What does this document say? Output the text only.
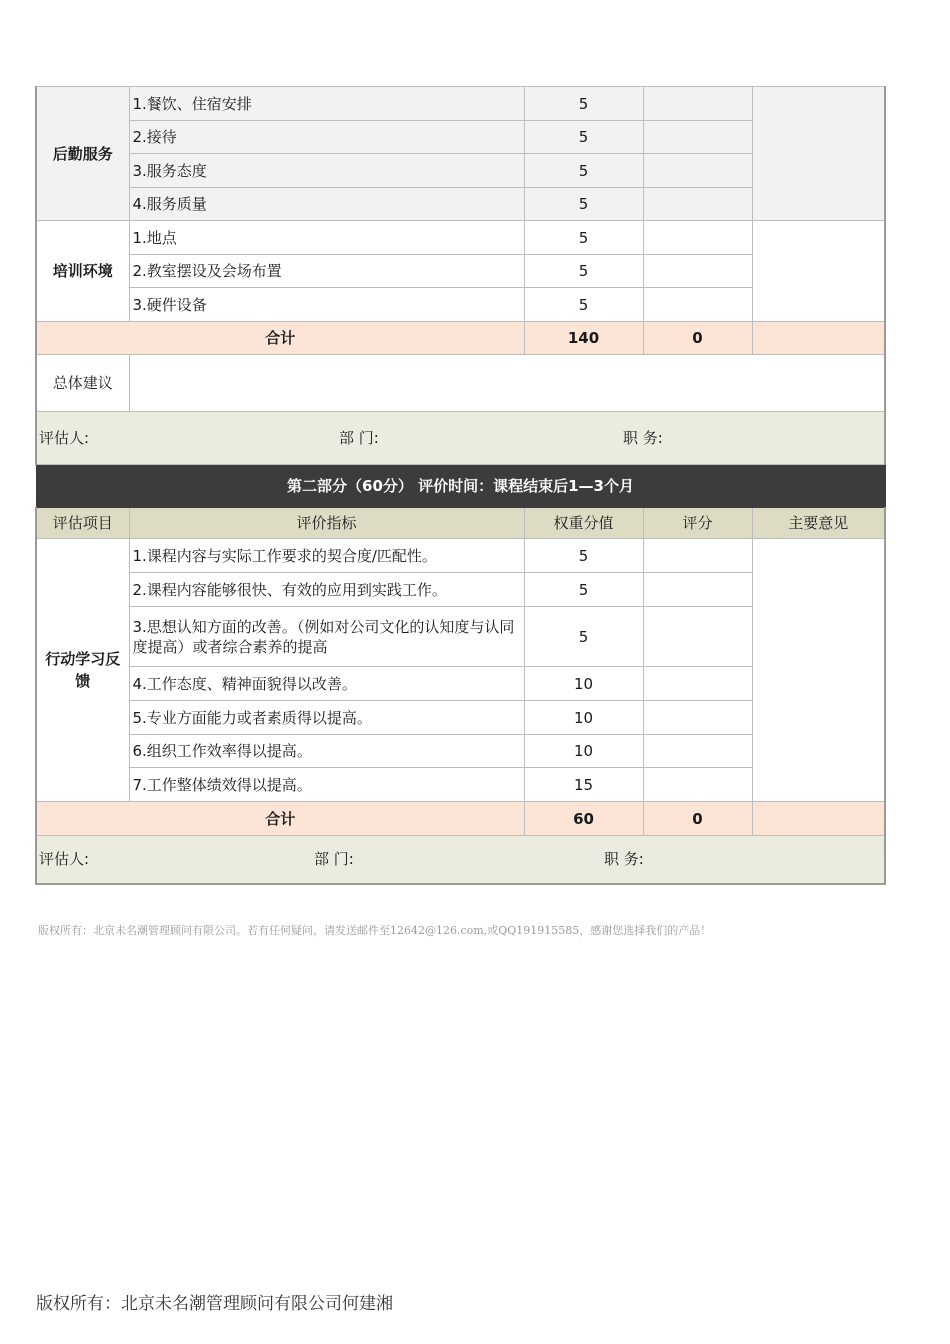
后勤服务	1.餐饮、住宿安排	5		
	2.接待	5		
	3.服务态度	5		
	4.服务质量	5		
培训环境	1.地点	5		
	2.教室摆设及会场布置	5		
	3.硬件设备	5		
合计		140	0	
总体建议				

评估人: 部 门: 职 务:				

第二部分（60分） 评价时间：课程结束后1—3个月				
评估项目	评价指标	权重分值	评分	主要意见
行动学习反馈	1.课程内容与实际工作要求的契合度/匹配性。	5		
	2.课程内容能够很快、有效的应用到实践工作。	5		
	3.思想认知方面的改善。（例如对公司文化的认知度与认同度提高）或者综合素养的提高	5		
	4.工作态度、精神面貌得以改善。	10		
	5.专业方面能力或者素质得以提高。	10		
	6.组织工作效率得以提高。	10		
	7.工作整体绩效得以提高。	15		
合计		60	0	

评估人: 部 门: 职 务:				
版权所有：北京未名潮管理顾问有限公司。若有任何疑问，请发送邮件至12642@126.com,或QQ191915585，感谢您选择我们的产品！
版权所有：北京未名潮管理顾问有限公司何建湘
